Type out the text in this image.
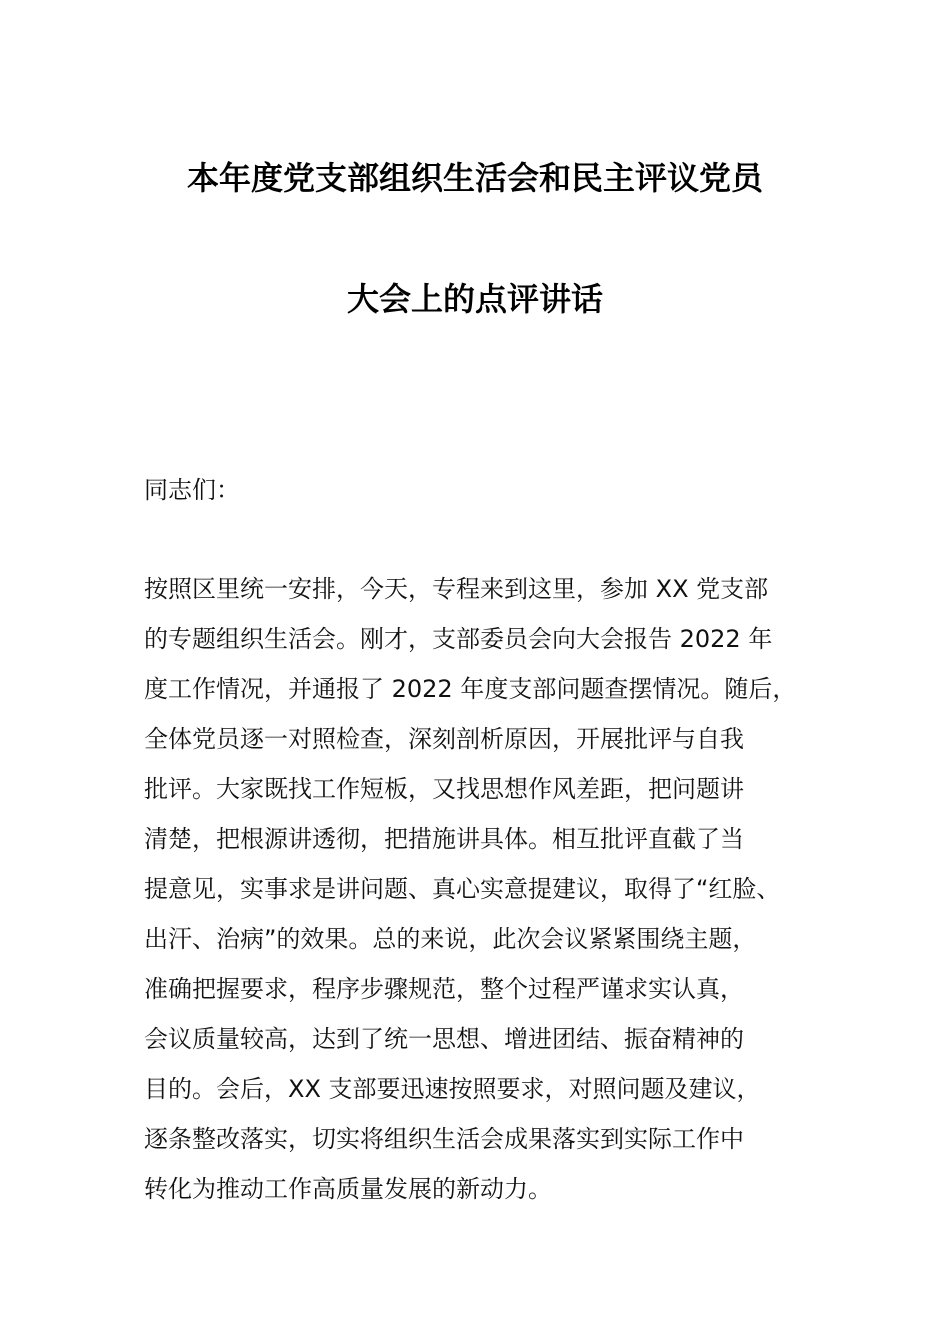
本年度党支部组织生活会和民主评议党员
大会上的点评讲话
同志们：
按照区里统一安排，今天，专程来到这里，参加 XX 党支部
的专题组织生活会。刚才，支部委员会向大会报告 2022 年
度工作情况，并通报了 2022 年度支部问题查摆情况。随后，
全体党员逐一对照检查，深刻剖析原因，开展批评与自我
批评。大家既找工作短板，又找思想作风差距，把问题讲
清楚，把根源讲透彻，把措施讲具体。相互批评直截了当
提意见，实事求是讲问题、真心实意提建议，取得了“红脸、
出汗、治病”的效果。总的来说，此次会议紧紧围绕主题，
准确把握要求，程序步骤规范，整个过程严谨求实认真，
会议质量较高，达到了统一思想、增进团结、振奋精神的
目的。会后，XX 支部要迅速按照要求，对照问题及建议，
逐条整改落实，切实将组织生活会成果落实到实际工作中
转化为推动工作高质量发展的新动力。
